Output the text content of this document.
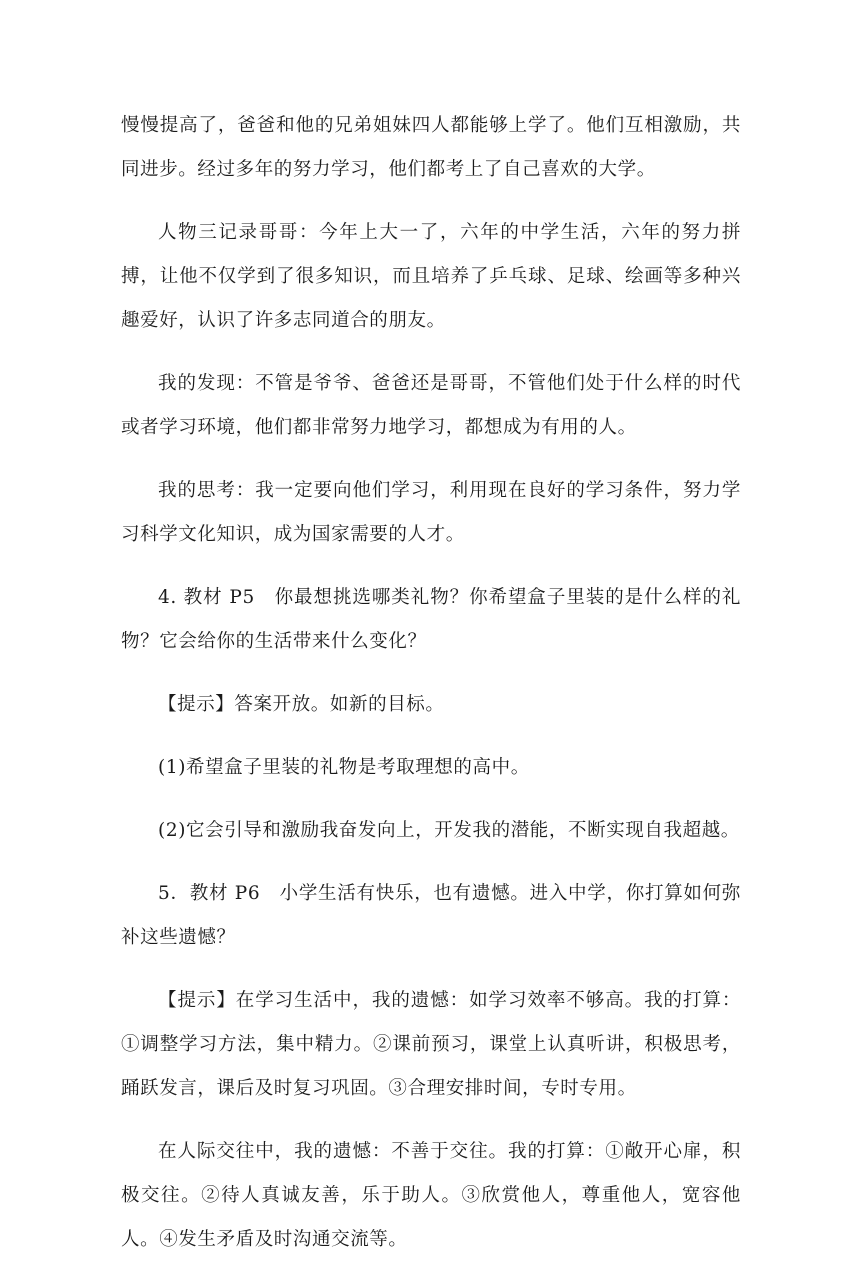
慢慢提高了，爸爸和他的兄弟姐妹四人都能够上学了。他们互相激励，共同进步。经过多年的努力学习，他们都考上了自己喜欢的大学。

人物三记录哥哥：今年上大一了，六年的中学生活，六年的努力拼搏，让他不仅学到了很多知识，而且培养了乒乓球、足球、绘画等多种兴趣爱好，认识了许多志同道合的朋友。

我的发现：不管是爷爷、爸爸还是哥哥，不管他们处于什么样的时代或者学习环境，他们都非常努力地学习，都想成为有用的人。

我的思考：我一定要向他们学习，利用现在良好的学习条件，努力学习科学文化知识，成为国家需要的人才。

4. 教材 P5　你最想挑选哪类礼物？你希望盒子里装的是什么样的礼物？它会给你的生活带来什么变化？

【提示】答案开放。如新的目标。

(1)希望盒子里装的礼物是考取理想的高中。

(2)它会引导和激励我奋发向上，开发我的潜能，不断实现自我超越。

5．教材 P6　小学生活有快乐，也有遗憾。进入中学，你打算如何弥补这些遗憾？

【提示】在学习生活中，我的遗憾：如学习效率不够高。我的打算：①调整学习方法，集中精力。②课前预习，课堂上认真听讲，积极思考，踊跃发言，课后及时复习巩固。③合理安排时间，专时专用。

在人际交往中，我的遗憾：不善于交往。我的打算：①敞开心扉，积极交往。②待人真诚友善，乐于助人。③欣赏他人，尊重他人，宽容他人。④发生矛盾及时沟通交流等。
